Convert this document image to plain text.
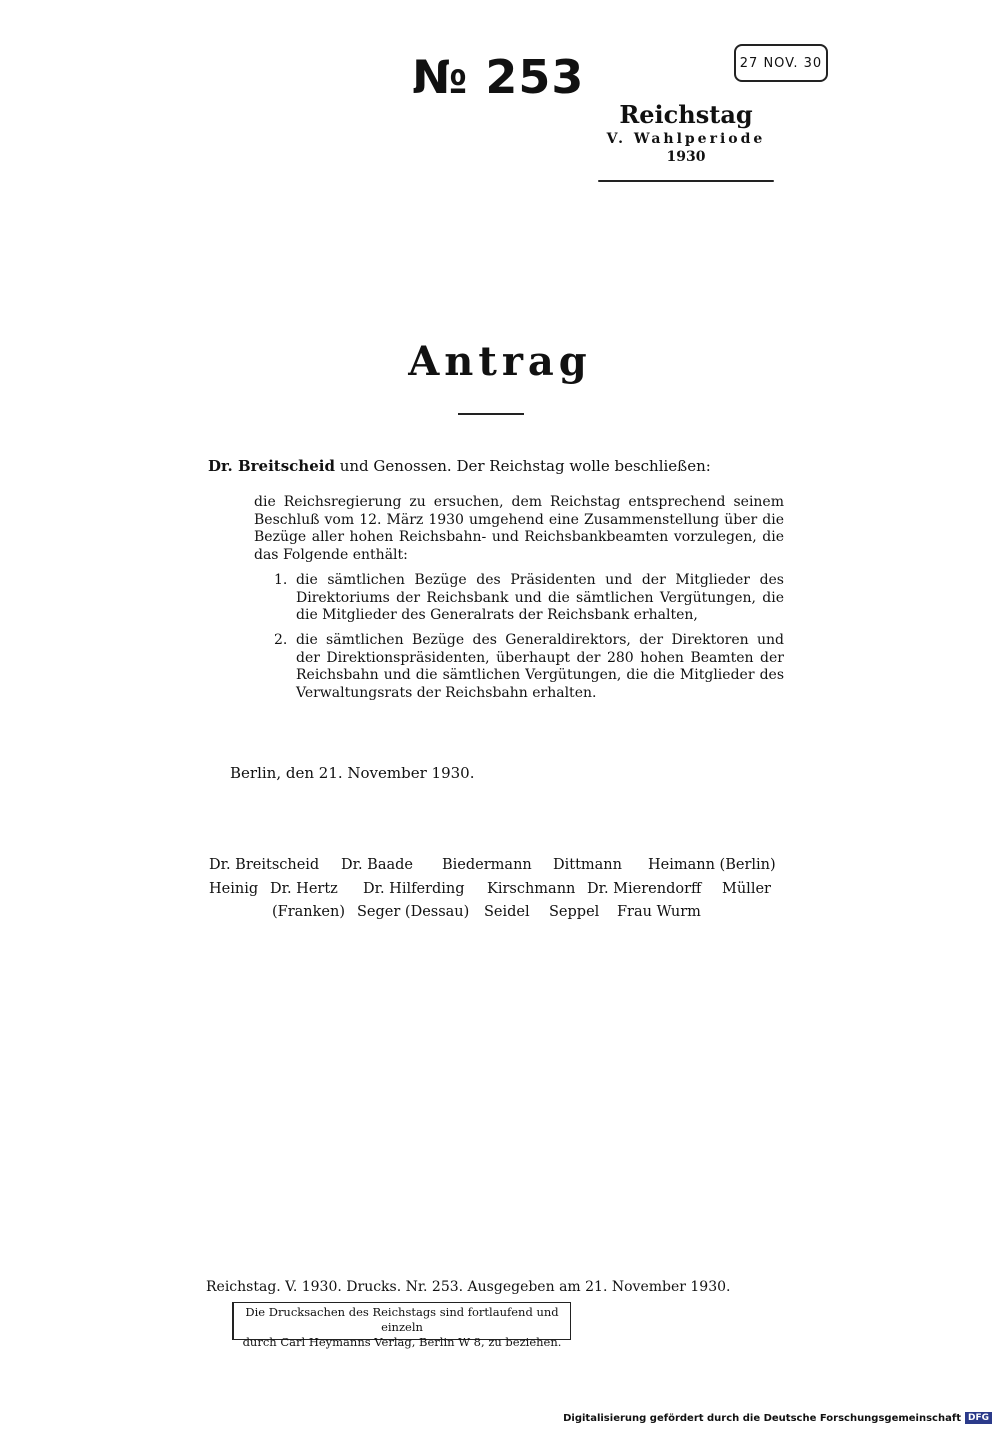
№ 253	27 NOV. 30
Reichstag
V. Wahlperiode
1930
Antrag
Dr. Breitscheid und Genossen. Der Reichstag wolle beschließen:
die Reichsregierung zu ersuchen, dem Reichstag entsprechend seinem Beschluß vom 12. März 1930 umgehend eine Zusammenstellung über die Bezüge aller hohen Reichsbahn- und Reichsbankbeamten vorzulegen, die das Folgende enthält:
1. die sämtlichen Bezüge des Präsidenten und der Mitglieder des Direktoriums der Reichsbank und die sämtlichen Vergütungen, die die Mitglieder des Generalrats der Reichsbank erhalten,
2. die sämtlichen Bezüge des Generaldirektors, der Direktoren und der Direktionspräsidenten, überhaupt der 280 hohen Beamten der Reichsbahn und die sämtlichen Vergütungen, die die Mitglieder des Verwaltungsrats der Reichsbahn erhalten.
Berlin, den 21. November 1930.
Dr. Breitscheid Dr. Baade Biedermann Dittmann Heimann (Berlin)
Heinig Dr. Hertz Dr. Hilferding Kirschmann Dr. Mierendorff Müller
(Franken) Seger (Dessau) Seidel Seppel Frau Wurm
Reichstag. V. 1930. Drucks. Nr. 253. Ausgegeben am 21. November 1930.
Die Drucksachen des Reichstags sind fortlaufend und einzeln
durch Carl Heymanns Verlag, Berlin W 8, zu beziehen.
Digitalisierung gefördert durch die Deutsche Forschungsgemeinschaft DFG
